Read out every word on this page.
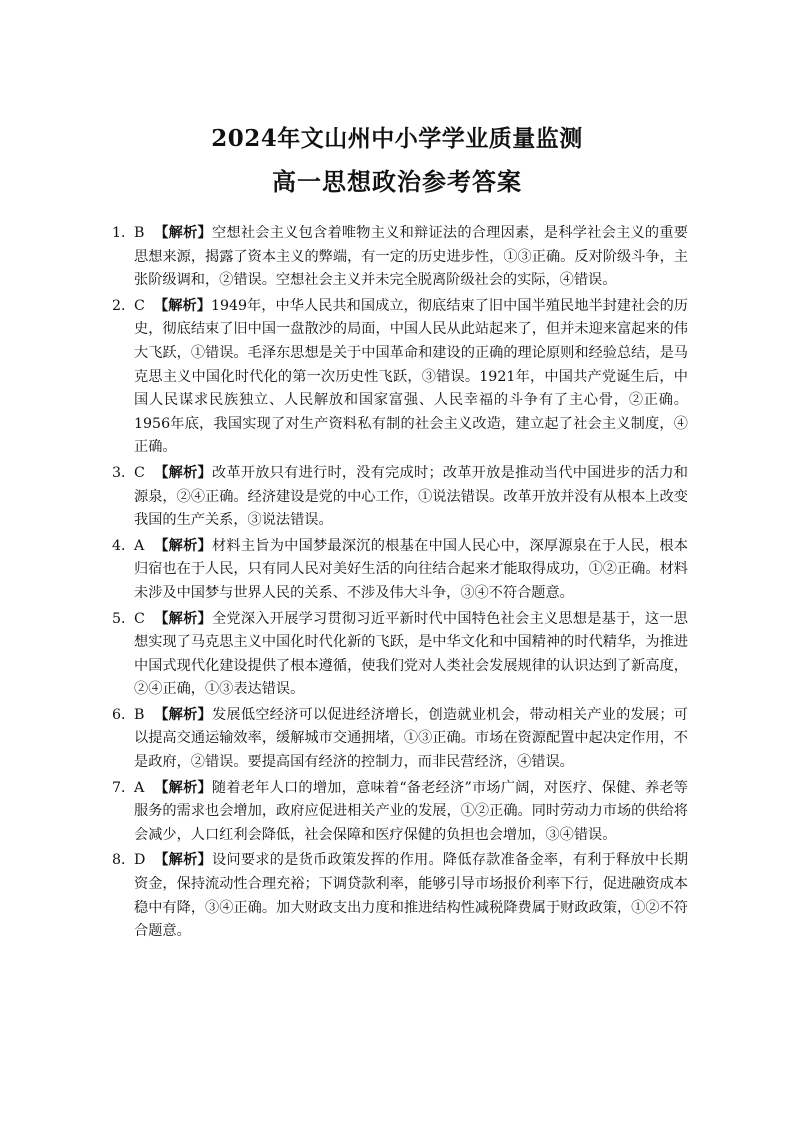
2024年文山州中小学学业质量监测
高一思想政治参考答案
1．
B 【解析】空想社会主义包含着唯物主义和辩证法的合理因素，是科学社会主义的重要思想来源，揭露了资本主义的弊端，有一定的历史进步性，①③正确。反对阶级斗争，主张阶级调和，②错误。空想社会主义并未完全脱离阶级社会的实际，④错误。
2．
C 【解析】1949年，中华人民共和国成立，彻底结束了旧中国半殖民地半封建社会的历史，彻底结束了旧中国一盘散沙的局面，中国人民从此站起来了，但并未迎来富起来的伟大飞跃，①错误。毛泽东思想是关于中国革命和建设的正确的理论原则和经验总结，是马克思主义中国化时代化的第一次历史性飞跃，③错误。1921年，中国共产党诞生后，中国人民谋求民族独立、人民解放和国家富强、人民幸福的斗争有了主心骨，②正确。1956年底，我国实现了对生产资料私有制的社会主义改造，建立起了社会主义制度，④正确。
3．
C 【解析】改革开放只有进行时，没有完成时；改革开放是推动当代中国进步的活力和源泉，②④正确。经济建设是党的中心工作，①说法错误。改革开放并没有从根本上改变我国的生产关系，③说法错误。
4．
A 【解析】材料主旨为中国梦最深沉的根基在中国人民心中，深厚源泉在于人民，根本归宿也在于人民，只有同人民对美好生活的向往结合起来才能取得成功，①②正确。材料未涉及中国梦与世界人民的关系、不涉及伟大斗争，③④不符合题意。
5．
C 【解析】全党深入开展学习贯彻习近平新时代中国特色社会主义思想是基于，这一思想实现了马克思主义中国化时代化新的飞跃，是中华文化和中国精神的时代精华，为推进中国式现代化建设提供了根本遵循，使我们党对人类社会发展规律的认识达到了新高度，②④正确，①③表达错误。
6．
B 【解析】发展低空经济可以促进经济增长，创造就业机会，带动相关产业的发展；可以提高交通运输效率，缓解城市交通拥堵，①③正确。市场在资源配置中起决定作用，不是政府，②错误。要提高国有经济的控制力，而非民营经济，④错误。
7．
A 【解析】随着老年人口的增加，意味着“备老经济”市场广阔，对医疗、保健、养老等服务的需求也会增加，政府应促进相关产业的发展，①②正确。同时劳动力市场的供给将会减少，人口红利会降低，社会保障和医疗保健的负担也会增加，③④错误。
8．
D 【解析】设问要求的是货币政策发挥的作用。降低存款准备金率，有利于释放中长期资金，保持流动性合理充裕；下调贷款利率，能够引导市场报价利率下行，促进融资成本稳中有降，③④正确。加大财政支出力度和推进结构性减税降费属于财政政策，①②不符合题意。
